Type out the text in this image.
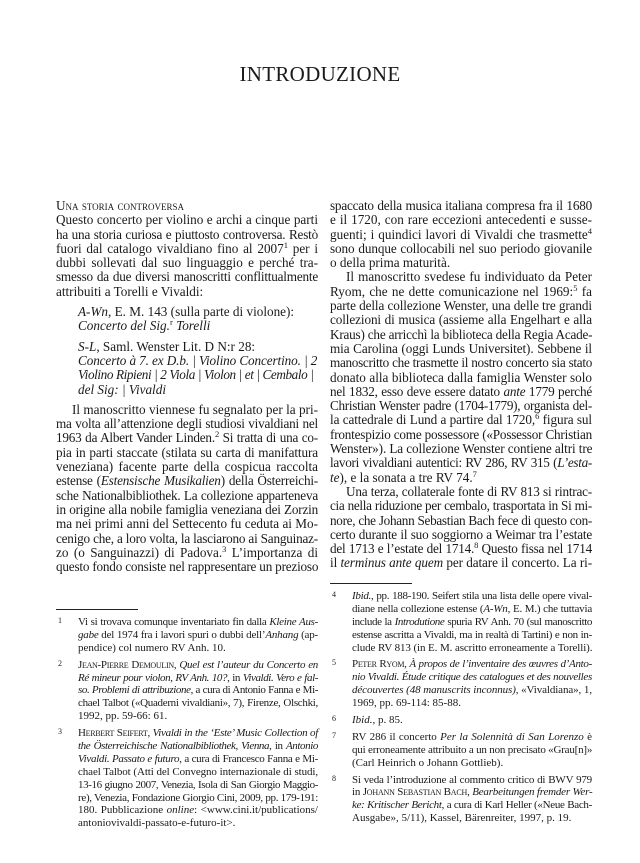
INTRODUZIONE
Una storia controversa
Questo concerto per violino e archi a cinque parti
ha una storia curiosa e piuttosto controversa. Restò
fuori dal catalogo vivaldiano fino al 2007$^1$ per i
dubbi sollevati dal suo linguaggio e perché tra-
smesso da due diversi manoscritti conflittualmente
attribuiti a Torelli e Vivaldi:
A-Wn, E. M. 143 (sulla parte di violone):
Concerto del Sig.$^r$ Torelli
S-L, Saml. Wenster Lit. D N:r 28:
Concerto à 7. ex D.b. | Violino Concertino. | 2
Violino Ripieni | 2 Viola | Violon | et | Cembalo |
del Sig: | Vivaldi
Il manoscritto viennese fu segnalato per la pri-
ma volta all’attenzione degli studiosi vivaldiani nel
1963 da Albert Vander Linden.$^2$ Si tratta di una co-
pia in parti staccate (stilata su carta di manifattura
veneziana) facente parte della cospicua raccolta
estense (Estensische Musikalien) della Österreichi-
sche Nationalbibliothek. La collezione apparteneva
in origine alla nobile famiglia veneziana dei Zorzin
ma nei primi anni del Settecento fu ceduta ai Mo-
cenigo che, a loro volta, la lasciarono ai Sanguinaz-
zo (o Sanguinazzi) di Padova.$^3$ L’importanza di
questo fondo consiste nel rappresentare un prezioso
spaccato della musica italiana compresa fra il 1680
e il 1720, con rare eccezioni antecedenti e susse-
guenti; i quindici lavori di Vivaldi che trasmette$^4$
sono dunque collocabili nel suo periodo giovanile
o della prima maturità.
Il manoscritto svedese fu individuato da Peter
Ryom, che ne dette comunicazione nel 1969:$^5$ fa
parte della collezione Wenster, una delle tre grandi
collezioni di musica (assieme alla Engelhart e alla
Kraus) che arricchì la biblioteca della Regia Acade-
mia Carolina (oggi Lunds Universitet). Sebbene il
manoscritto che trasmette il nostro concerto sia stato
donato alla biblioteca dalla famiglia Wenster solo
nel 1832, esso deve essere datato ante 1779 perché
Christian Wenster padre (1704-1779), organista del-
la cattedrale di Lund a partire dal 1720,$^6$ figura sul
frontespizio come possessore («Possessor Christian
Wenster»). La collezione Wenster contiene altri tre
lavori vivaldiani autentici: RV 286, RV 315 (L’esta-
te), e la sonata a tre RV 74.$^7$
Una terza, collaterale fonte di RV 813 si rintrac-
cia nella riduzione per cembalo, trasportata in Si mi-
nore, che Johann Sebastian Bach fece di questo con-
certo durante il suo soggiorno a Weimar tra l’estate
del 1713 e l’estate del 1714.$^8$ Questo fissa nel 1714
il terminus ante quem per datare il concerto. La ri-
1 Vi si trovava comunque inventariato fin dalla Kleine Aus-
gabe del 1974 fra i lavori spuri o dubbi dell’Anhang (ap-
pendice) col numero RV Anh. 10.
2 Jean-Pierre Demoulin, Quel est l’auteur du Concerto en
Ré mineur pour violon, RV Anh. 10?, in Vivaldi. Vero e fal-
so. Problemi di attribuzione, a cura di Antonio Fanna e Mi-
chael Talbot («Quaderni vivaldiani», 7), Firenze, Olschki,
1992, pp. 59-66: 61.
3 Herbert Seifert, Vivaldi in the ‘Este’ Music Collection of
the Österreichische Nationalbibliothek, Vienna, in Antonio
Vivaldi. Passato e futuro, a cura di Francesco Fanna e Mi-
chael Talbot (Atti del Convegno internazionale di studi,
13-16 giugno 2007, Venezia, Isola di San Giorgio Maggio-
re), Venezia, Fondazione Giorgio Cini, 2009, pp. 179-191:
180. Pubblicazione online: <www.cini.it/publications/
antoniovivaldi-passato-e-futuro-it>.
4 Ibid., pp. 188-190. Seifert stila una lista delle opere vival-
diane nella collezione estense (A-Wn, E. M.) che tuttavia
include la Introdutione spuria RV Anh. 70 (sul manoscritto
estense ascritta a Vivaldi, ma in realtà di Tartini) e non in-
clude RV 813 (in E. M. ascritto erroneamente a Torelli).
5 Peter Ryom, À propos de l’inventaire des œuvres d’Anto-
nio Vivaldi. Étude critique des catalogues et des nouvelles
découvertes (48 manuscrits inconnus), «Vivaldiana», 1,
1969, pp. 69-114: 85-88.
6 Ibid., p. 85.
7 RV 286 il concerto Per la Solennità di San Lorenzo è
qui erroneamente attribuito a un non precisato «Grau[n]»
(Carl Heinrich o Johann Gottlieb).
8 Si veda l’introduzione al commento critico di BWV 979
in Johann Sebastian Bach, Bearbeitungen fremder Wer-
ke: Kritischer Bericht, a cura di Karl Heller («Neue Bach-
Ausgabe», 5/11), Kassel, Bärenreiter, 1997, p. 19.
